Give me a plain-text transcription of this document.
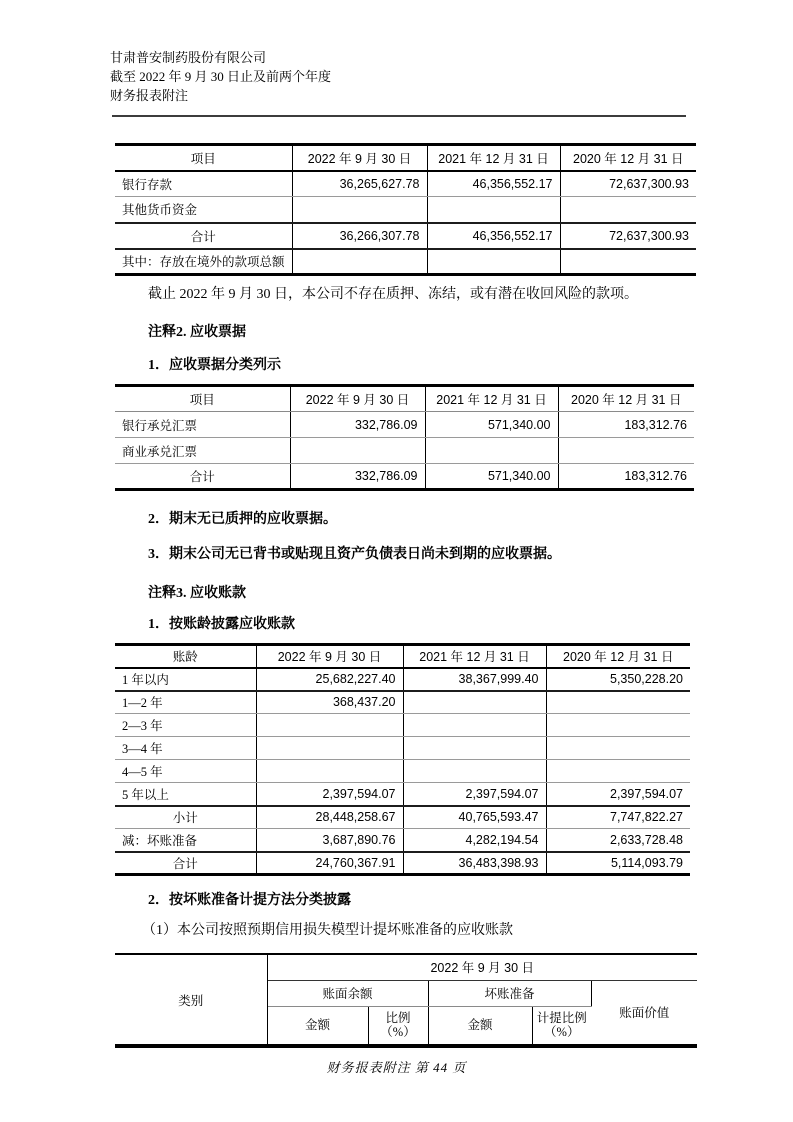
甘肃普安制药股份有限公司
截至 2022 年 9 月 30 日止及前两个年度
财务报表附注
项目	2022 年 9 月 30 日	2021 年 12 月 31 日	2020 年 12 月 31 日
银行存款	36,265,627.78	46,356,552.17	72,637,300.93
其他货币资金			
合计	36,266,307.78	46,356,552.17	72,637,300.93
其中：存放在境外的款项总额			
截止 2022 年 9 月 30 日，本公司不存在质押、冻结，或有潜在收回风险的款项。
注释2. 应收票据
1．应收票据分类列示
项目	2022 年 9 月 30 日	2021 年 12 月 31 日	2020 年 12 月 31 日
银行承兑汇票	332,786.09	571,340.00	183,312.76
商业承兑汇票			
合计	332,786.09	571,340.00	183,312.76
2．期末无已质押的应收票据。
3．期末公司无已背书或贴现且资产负债表日尚未到期的应收票据。
注释3. 应收账款
1．按账龄披露应收账款
账龄	2022 年 9 月 30 日	2021 年 12 月 31 日	2020 年 12 月 31 日
1 年以内	25,682,227.40	38,367,999.40	5,350,228.20
1—2 年	368,437.20		
2—3 年			
3—4 年			
4—5 年			
5 年以上	2,397,594.07	2,397,594.07	2,397,594.07
小计	28,448,258.67	40,765,593.47	7,747,822.27
减：坏账准备	3,687,890.76	4,282,194.54	2,633,728.48
合计	24,760,367.91	36,483,398.93	5,114,093.79
2．按坏账准备计提方法分类披露
（1）本公司按照预期信用损失模型计提坏账准备的应收账款
类别	2022 年 9 月 30 日				
	账面余额		坏账准备		账面价值
	金额	比例（%）	金额	计提比例（%）	
财务报表附注 第 44 页
